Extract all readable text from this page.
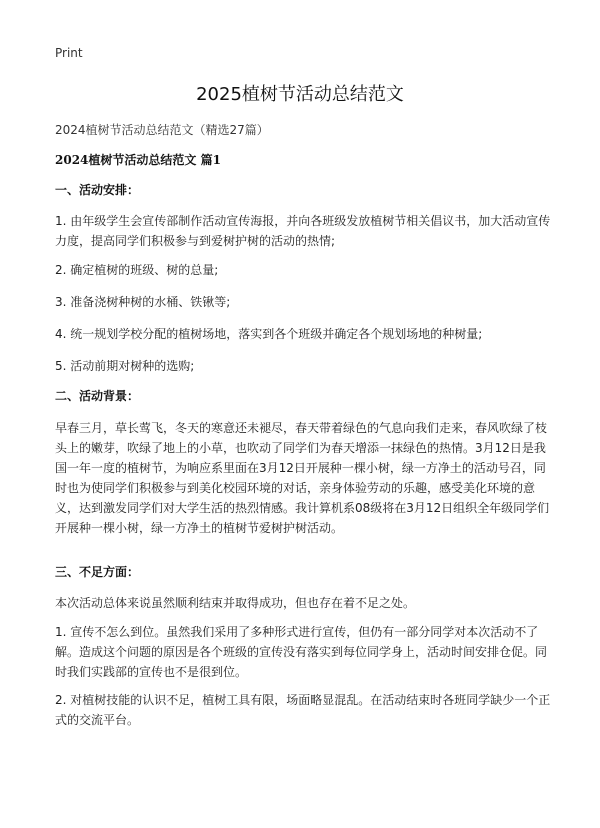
Print
2025植树节活动总结范文
2024植树节活动总结范文（精选27篇）
2024植树节活动总结范文 篇1
一、活动安排：
1. 由年级学生会宣传部制作活动宣传海报，并向各班级发放植树节相关倡议书，加大活动宣传力度，提高同学们积极参与到爱树护树的活动的热情;
2. 确定植树的班级、树的总量;
3. 准备浇树种树的水桶、铁锹等;
4. 统一规划学校分配的植树场地，落实到各个班级并确定各个规划场地的种树量;
5. 活动前期对树种的选购;
二、活动背景：
早春三月，草长莺飞，冬天的寒意还未褪尽，春天带着绿色的气息向我们走来，春风吹绿了枝头上的嫩芽，吹绿了地上的小草，也吹动了同学们为春天增添一抹绿色的热情。3月12日是我国一年一度的植树节，为响应系里面在3月12日开展种一棵小树，绿一方净土的活动号召，同时也为使同学们积极参与到美化校园环境的对话，亲身体验劳动的乐趣，感受美化环境的意义，达到激发同学们对大学生活的热烈情感。我计算机系08级将在3月12日组织全年级同学们开展种一棵小树，绿一方净土的植树节爱树护树活动。
三、不足方面：
本次活动总体来说虽然顺利结束并取得成功，但也存在着不足之处。
1. 宣传不怎么到位。虽然我们采用了多种形式进行宣传，但仍有一部分同学对本次活动不了解。造成这个问题的原因是各个班级的宣传没有落实到每位同学身上，活动时间安排仓促。同时我们实践部的宣传也不是很到位。
2. 对植树技能的认识不足，植树工具有限，场面略显混乱。在活动结束时各班同学缺少一个正式的交流平台。
